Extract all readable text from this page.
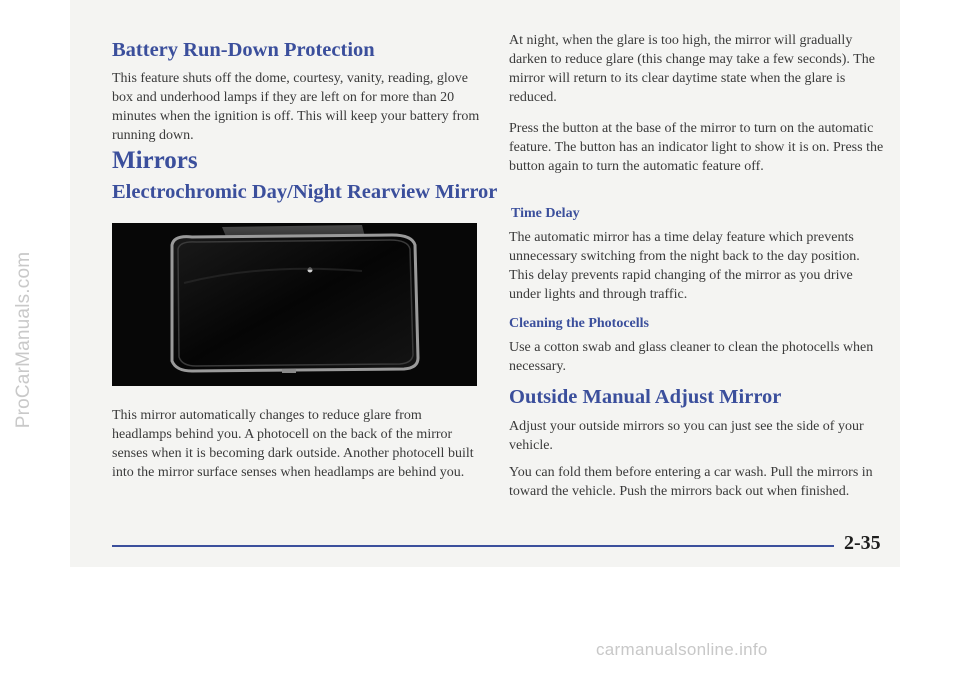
ProCarManuals.com
Battery Run-Down Protection

This feature shuts off the dome, courtesy, vanity, reading, glove box and underhood lamps if they are left on for more than 20 minutes when the ignition is off. This will keep your battery from running down.

Mirrors
Electrochromic Day/Night Rearview Mirror

This mirror automatically changes to reduce glare from headlamps behind you. A photocell on the back of the mirror senses when it is becoming dark outside. Another photocell built into the mirror surface senses when headlamps are behind you.

At night, when the glare is too high, the mirror will gradually darken to reduce glare (this change may take a few seconds). The mirror will return to its clear daytime state when the glare is reduced.

Press the button at the base of the mirror to turn on the automatic feature. The button has an indicator light to show it is on. Press the button again to turn the automatic feature off.

Time Delay

The automatic mirror has a time delay feature which prevents unnecessary switching from the night back to the day position. This delay prevents rapid changing of the mirror as you drive under lights and through traffic.

Cleaning the Photocells

Use a cotton swab and glass cleaner to clean the photocells when necessary.

Outside Manual Adjust Mirror

Adjust your outside mirrors so you can just see the side of your vehicle.

You can fold them before entering a car wash. Pull the mirrors in toward the vehicle. Push the mirrors back out when finished.

2-35
carmanualsonline.info
